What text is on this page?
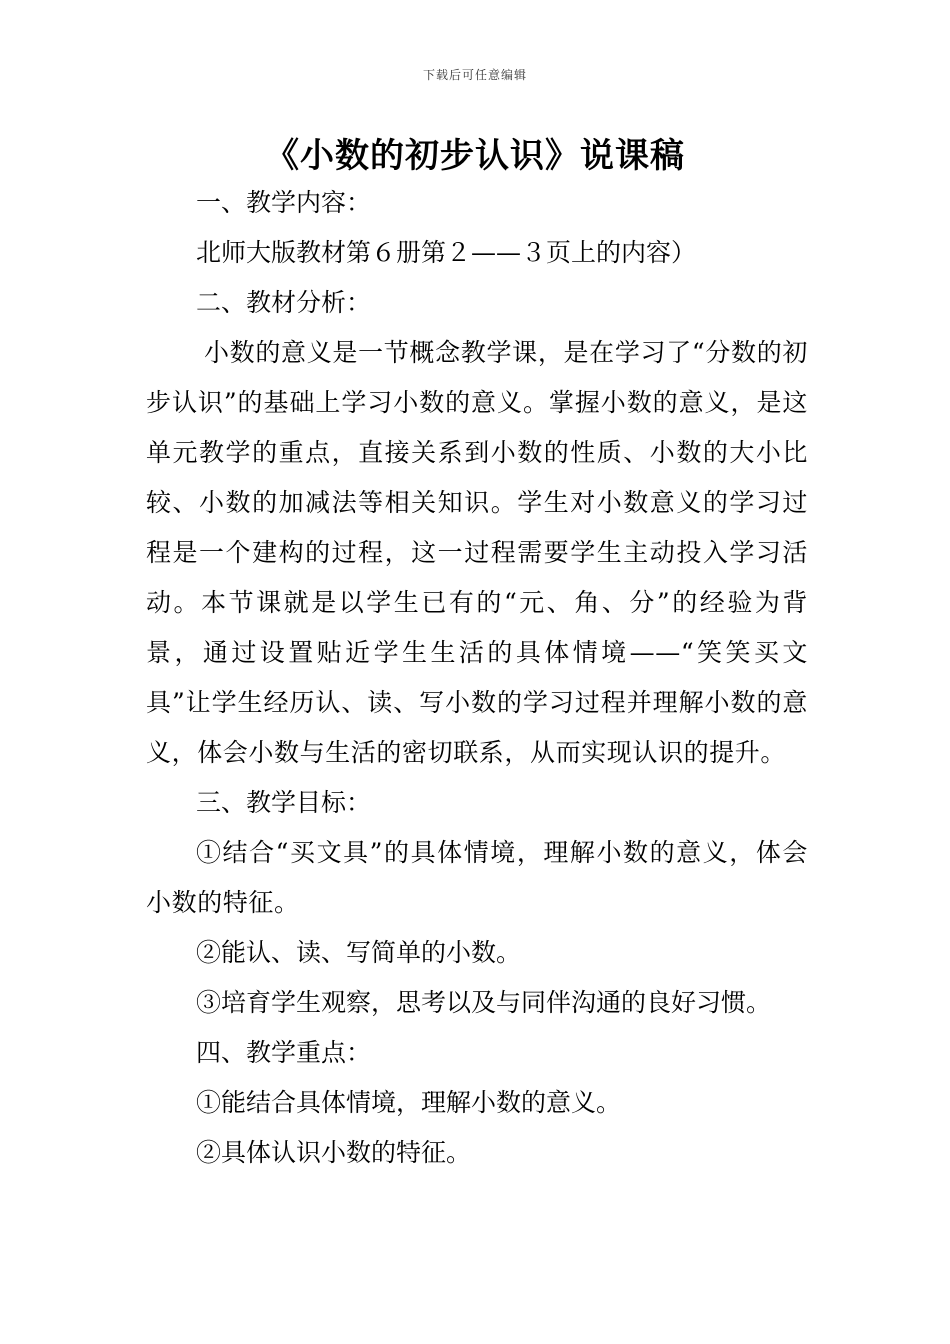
下载后可任意编辑
《小数的初步认识》说课稿

一、教学内容：

北师大版教材第６册第２——３页上的内容）

二、教材分析：

小数的意义是一节概念教学课，是在学习了“分数的初步认识”的基础上学习小数的意义。掌握小数的意义，是这单元教学的重点，直接关系到小数的性质、小数的大小比较、小数的加减法等相关知识。学生对小数意义的学习过程是一个建构的过程，这一过程需要学生主动投入学习活动。本节课就是以学生已有的“元、角、分”的经验为背景，通过设置贴近学生生活的具体情境——“笑笑买文具”让学生经历认、读、写小数的学习过程并理解小数的意义，体会小数与生活的密切联系，从而实现认识的提升。

三、教学目标：

①结合“买文具”的具体情境，理解小数的意义，体会小数的特征。

②能认、读、写简单的小数。

③培育学生观察，思考以及与同伴沟通的良好习惯。

四、教学重点：

①能结合具体情境，理解小数的意义。

②具体认识小数的特征。
